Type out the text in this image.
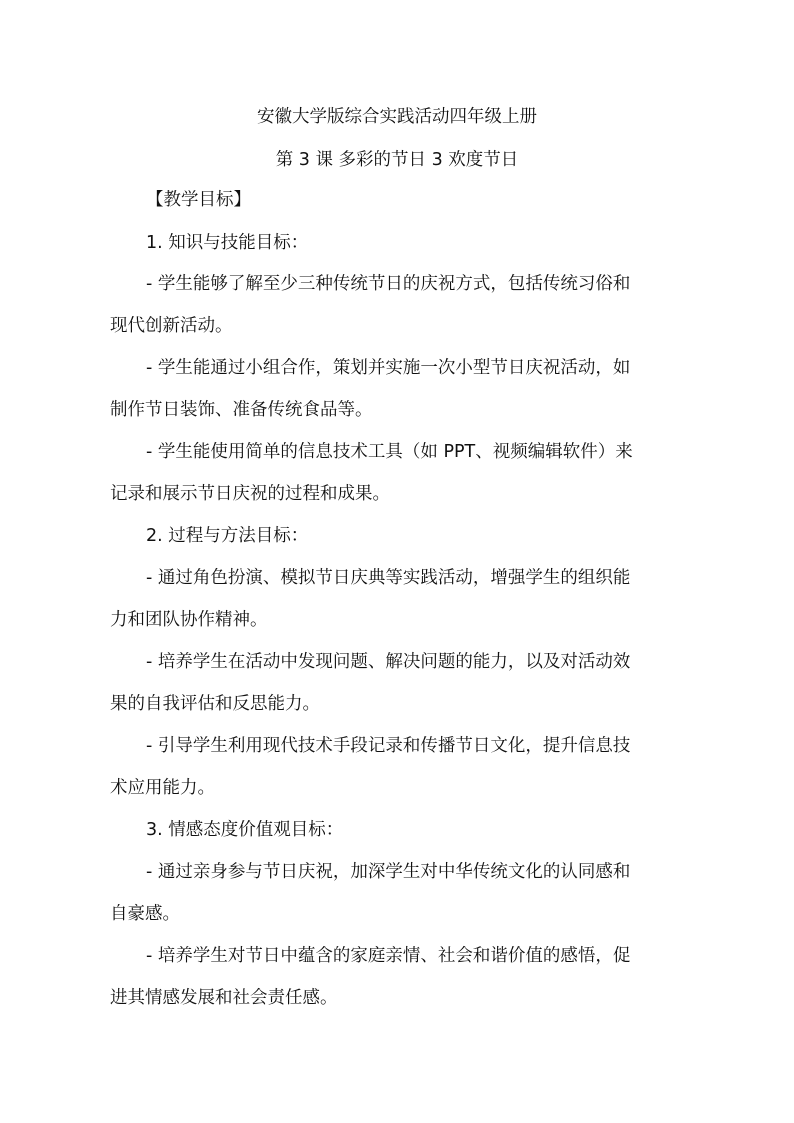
安徽大学版综合实践活动四年级上册
第 3 课 多彩的节日 3 欢度节日
【教学目标】
1. 知识与技能目标：
- 学生能够了解至少三种传统节日的庆祝方式，包括传统习俗和
现代创新活动。
- 学生能通过小组合作，策划并实施一次小型节日庆祝活动，如
制作节日装饰、准备传统食品等。
- 学生能使用简单的信息技术工具（如 PPT、视频编辑软件）来
记录和展示节日庆祝的过程和成果。
2. 过程与方法目标：
- 通过角色扮演、模拟节日庆典等实践活动，增强学生的组织能
力和团队协作精神。
- 培养学生在活动中发现问题、解决问题的能力，以及对活动效
果的自我评估和反思能力。
- 引导学生利用现代技术手段记录和传播节日文化，提升信息技
术应用能力。
3. 情感态度价值观目标：
- 通过亲身参与节日庆祝，加深学生对中华传统文化的认同感和
自豪感。
- 培养学生对节日中蕴含的家庭亲情、社会和谐价值的感悟，促
进其情感发展和社会责任感。
